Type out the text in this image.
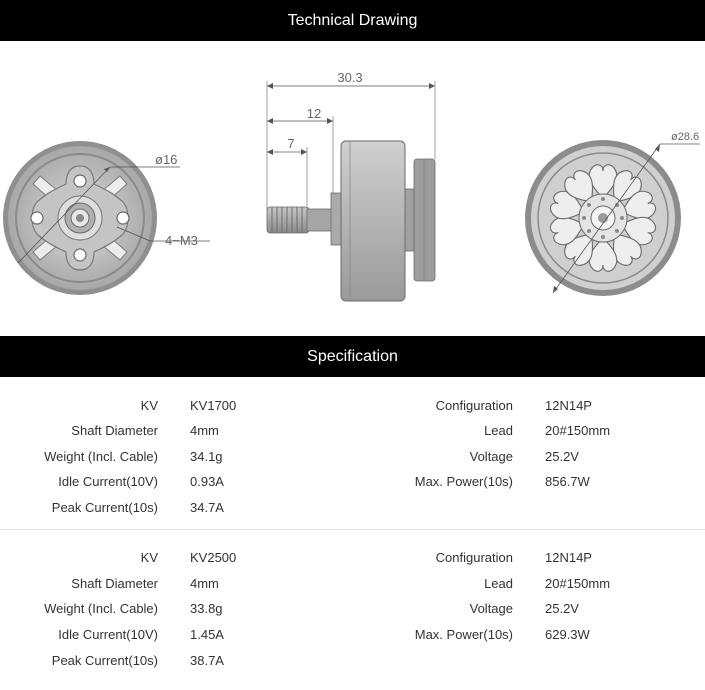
Technical Drawing
ø16
4−M3
30.3
12
7	ø28.6
Specification
KV KV1700	Configuration 12N14P
Shaft Diameter 4mm	Lead 20#150mm
Weight (Incl. Cable) 34.1g	Voltage 25.2V
Idle Current(10V) 0.93A	Max. Power(10s) 856.7W
Peak Current(10s) 34.7A
KV KV2500	Configuration 12N14P
Shaft Diameter 4mm	Lead 20#150mm
Weight (Incl. Cable) 33.8g	Voltage 25.2V
Idle Current(10V) 1.45A	Max. Power(10s) 629.3W
Peak Current(10s) 38.7A
